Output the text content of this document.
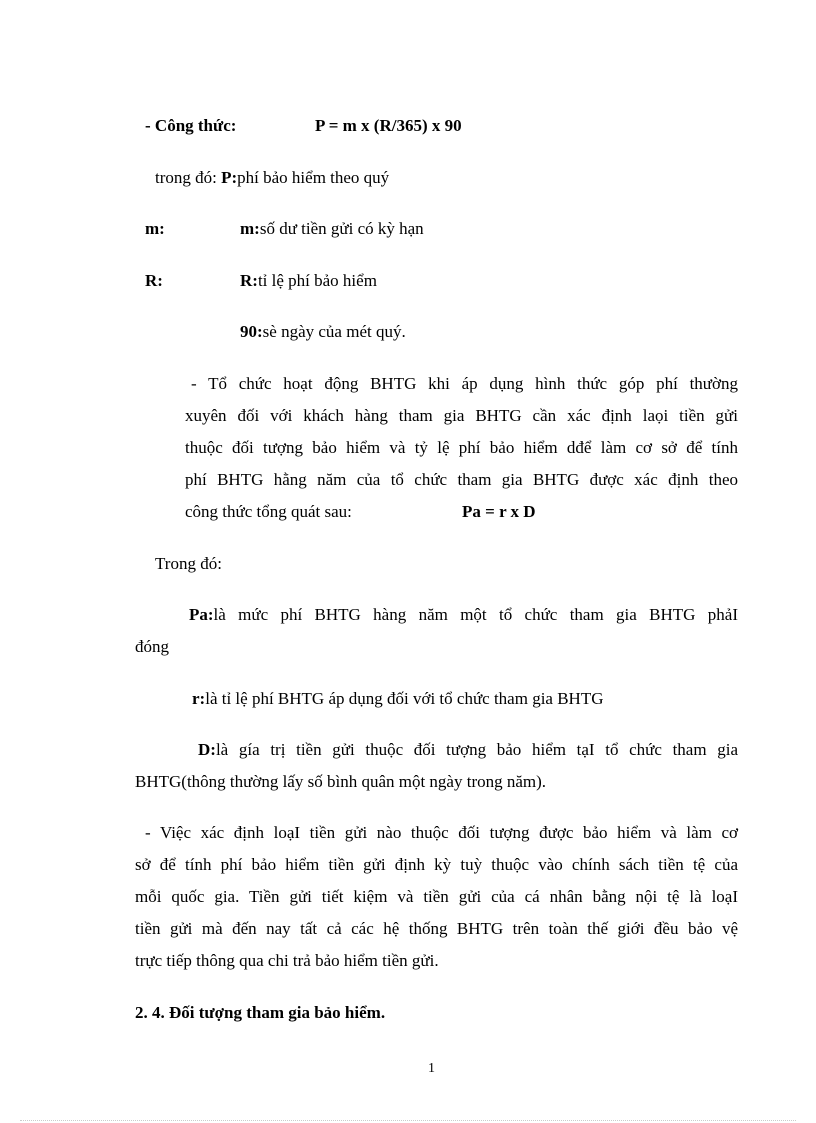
- Công thức:	P = m x (R/365) x 90
trong đó: P:phí bảo hiểm theo quý
m:	m:số dư tiền gửi có kỳ hạn
R:	R:tỉ lệ phí bảo hiểm
90:sè ngày của mét quý.
- Tổ chức hoạt động BHTG khi áp dụng hình thức góp phí thường
xuyên đối với khách hàng tham gia BHTG cần xác định laọi tiền gửi
thuộc đối tượng bảo hiểm và tỷ lệ phí bảo hiểm dđể làm cơ sở để tính
phí BHTG hằng năm của tổ chức tham gia BHTG được xác định theo
công thức tổng quát sau:	Pa = r x D
Trong đó:
Pa:là mức phí BHTG hàng năm một tổ chức tham gia BHTG phảI
đóng
r:là tỉ lệ phí BHTG áp dụng đối với tổ chức tham gia BHTG
D:là gía trị tiền gửi thuộc đối tượng bảo hiểm tạI tổ chức tham gia
BHTG(thông thường lấy số bình quân một ngày trong năm).
- Việc xác định loạI tiền gửi nào thuộc đối tượng được bảo hiểm và làm cơ
sở để tính phí bảo hiểm tiền gửi định kỳ tuỳ thuộc vào chính sách tiền tệ của
mỗi quốc gia. Tiền gửi tiết kiệm và tiền gửi của cá nhân bằng nội tệ là loạI
tiền gửi mà đến nay tất cả các hệ thống BHTG trên toàn thế giới đều bảo vệ
trực tiếp thông qua chi trả bảo hiểm tiền gửi.
2. 4. Đối tượng tham gia bảo hiểm.
1
